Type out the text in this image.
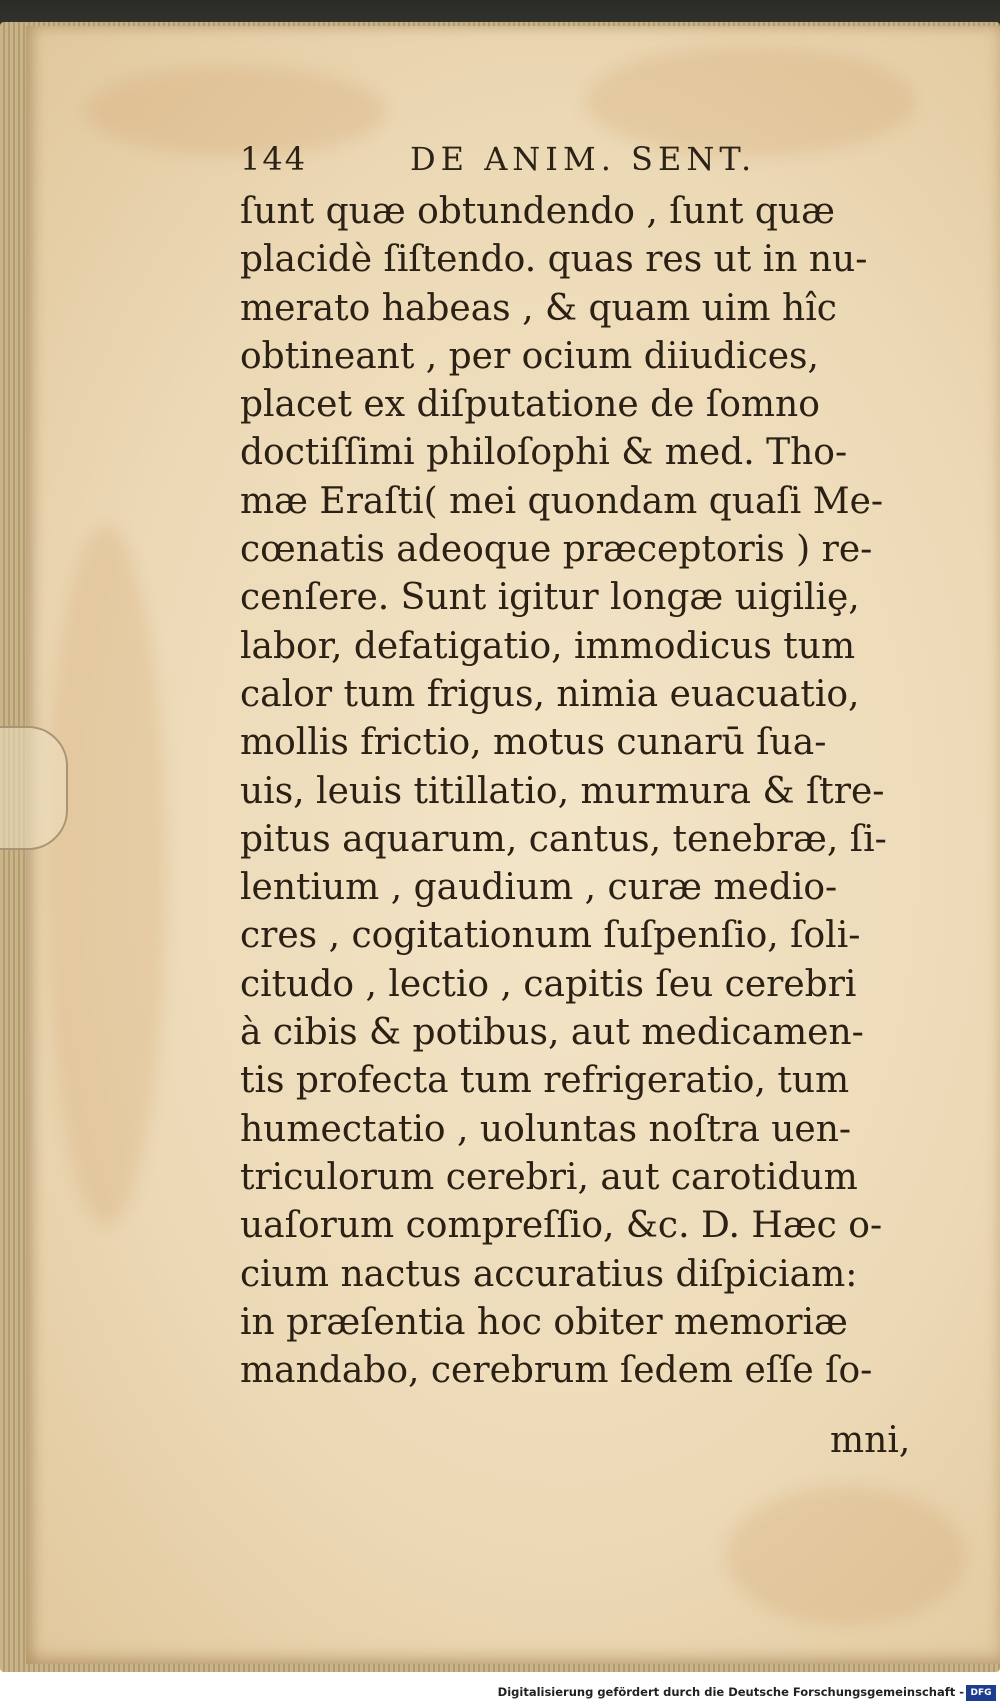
144	DE ANIM. SENT.
ſunt quæ obtundendo , ſunt quæ
placidè ſiſtendo. quas res ut in nu-
merato habeas , & quam uim hîc
obtineant , per ocium diiudices,
placet ex diſputatione de ſomno
doctiſſimi philoſophi & med. Tho-
mæ Eraſti( mei quondam quaſi Me-
cœnatis adeoque præceptoris ) re-
cenſere. Sunt igitur longæ uigiliȩ,
labor, defatigatio, immodicus tum
calor tum frigus, nimia euacuatio,
mollis frictio, motus cunarū ſua-
uis, leuis titillatio, murmura & ſtre-
pitus aquarum, cantus, tenebræ, ſi-
lentium , gaudium , curæ medio-
cres , cogitationum ſuſpenſio, ſoli-
citudo , lectio , capitis ſeu cerebri
à cibis & potibus, aut medicamen-
tis profecta tum refrigeratio, tum
humectatio , uoluntas noſtra uen-
triculorum cerebri, aut carotidum
uaſorum compreſſio, &c. D. Hæc o-
cium nactus accuratius diſpiciam:
in præſentia hoc obiter memoriæ
mandabo, cerebrum ſedem eſſe ſo-
mni,
Digitalisierung gefördert durch die Deutsche Forschungsgemeinschaft - DFG
